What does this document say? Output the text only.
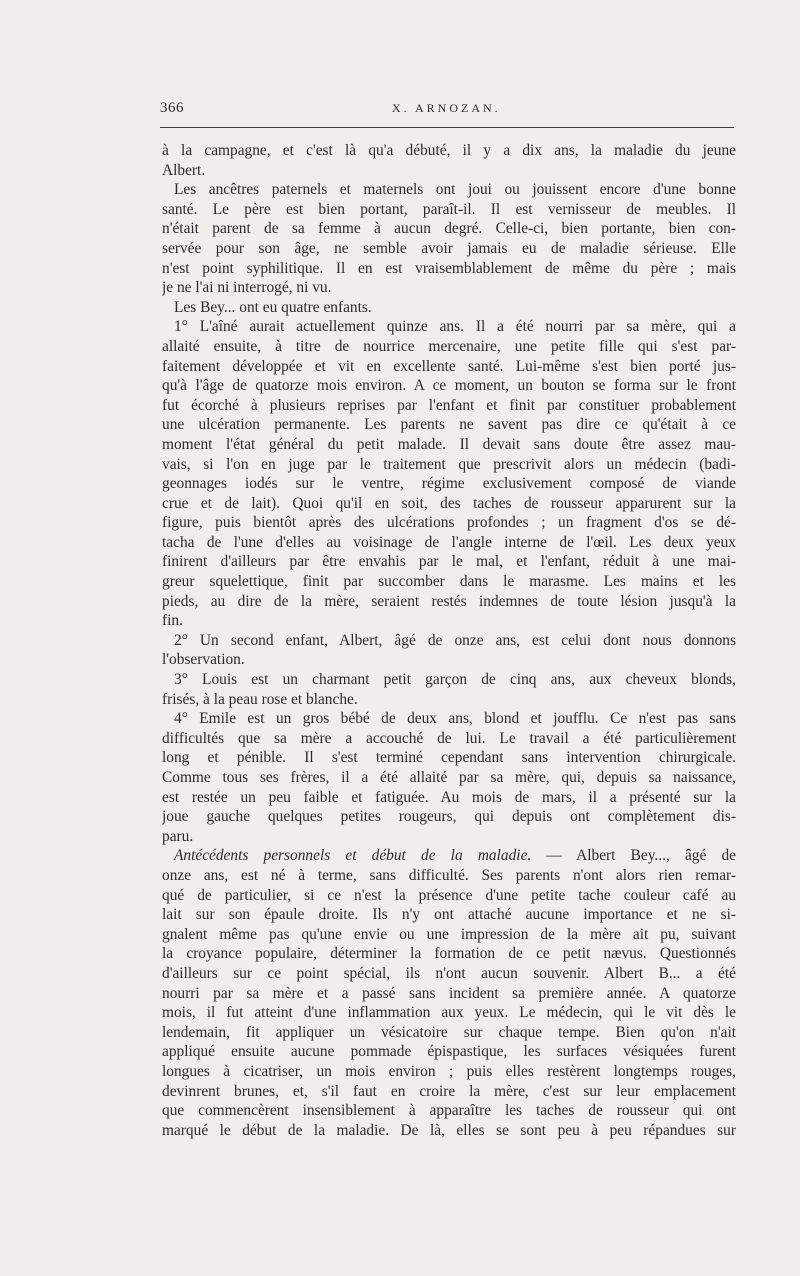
366	X. ARNOZAN.
à la campagne, et c'est là qu'a débuté, il y a dix ans, la maladie du jeune
Albert.
Les ancêtres paternels et maternels ont joui ou jouissent encore d'une bonne
santé. Le père est bien portant, paraît-il. Il est vernisseur de meubles. Il
n'était parent de sa femme à aucun degré. Celle-ci, bien portante, bien con-
servée pour son âge, ne semble avoir jamais eu de maladie sérieuse. Elle
n'est point syphilitique. Il en est vraisemblablement de même du père ; mais
je ne l'ai ni interrogé, ni vu.
Les Bey... ont eu quatre enfants.
1° L'aîné aurait actuellement quinze ans. Il a été nourri par sa mère, qui a
allaité ensuite, à titre de nourrice mercenaire, une petite fille qui s'est par-
faitement développée et vit en excellente santé. Lui-même s'est bien porté jus-
qu'à l'âge de quatorze mois environ. A ce moment, un bouton se forma sur le front
fut écorché à plusieurs reprises par l'enfant et finit par constituer probablement
une ulcération permanente. Les parents ne savent pas dire ce qu'était à ce
moment l'état général du petit malade. Il devait sans doute être assez mau-
vais, si l'on en juge par le traitement que prescrivit alors un médecin (badi-
geonnages iodés sur le ventre, régime exclusivement composé de viande
crue et de lait). Quoi qu'il en soit, des taches de rousseur apparurent sur la
figure, puis bientôt après des ulcérations profondes ; un fragment d'os se dé-
tacha de l'une d'elles au voisinage de l'angle interne de l'œil. Les deux yeux
finirent d'ailleurs par être envahis par le mal, et l'enfant, réduit à une mai-
greur squelettique, finit par succomber dans le marasme. Les mains et les
pieds, au dire de la mère, seraient restés indemnes de toute lésion jusqu'à la
fin.
2° Un second enfant, Albert, âgé de onze ans, est celui dont nous donnons
l'observation.
3° Louis est un charmant petit garçon de cinq ans, aux cheveux blonds,
frisés, à la peau rose et blanche.
4° Emile est un gros bébé de deux ans, blond et joufflu. Ce n'est pas sans
difficultés que sa mère a accouché de lui. Le travail a été particulièrement
long et pénible. Il s'est terminé cependant sans intervention chirurgicale.
Comme tous ses frères, il a été allaité par sa mère, qui, depuis sa naissance,
est restée un peu faible et fatiguée. Au mois de mars, il a présenté sur la
joue gauche quelques petites rougeurs, qui depuis ont complètement dis-
paru.
Antécédents personnels et début de la maladie. — Albert Bey..., âgé de
onze ans, est né à terme, sans difficulté. Ses parents n'ont alors rien remar-
qué de particulier, si ce n'est la présence d'une petite tache couleur café au
lait sur son épaule droite. Ils n'y ont attaché aucune importance et ne si-
gnalent même pas qu'une envie ou une impression de la mère ait pu, suivant
la croyance populaire, déterminer la formation de ce petit nævus. Questionnés
d'ailleurs sur ce point spécial, ils n'ont aucun souvenir. Albert B... a été
nourri par sa mère et a passé sans incident sa première année. A quatorze
mois, il fut atteint d'une inflammation aux yeux. Le médecin, qui le vit dès le
lendemain, fit appliquer un vésicatoire sur chaque tempe. Bien qu'on n'ait
appliqué ensuite aucune pommade épispastique, les surfaces vésiquées furent
longues à cicatriser, un mois environ ; puis elles restèrent longtemps rouges,
devinrent brunes, et, s'il faut en croire la mère, c'est sur leur emplacement
que commencèrent insensiblement à apparaître les taches de rousseur qui ont
marqué le début de la maladie. De là, elles se sont peu à peu répandues sur
